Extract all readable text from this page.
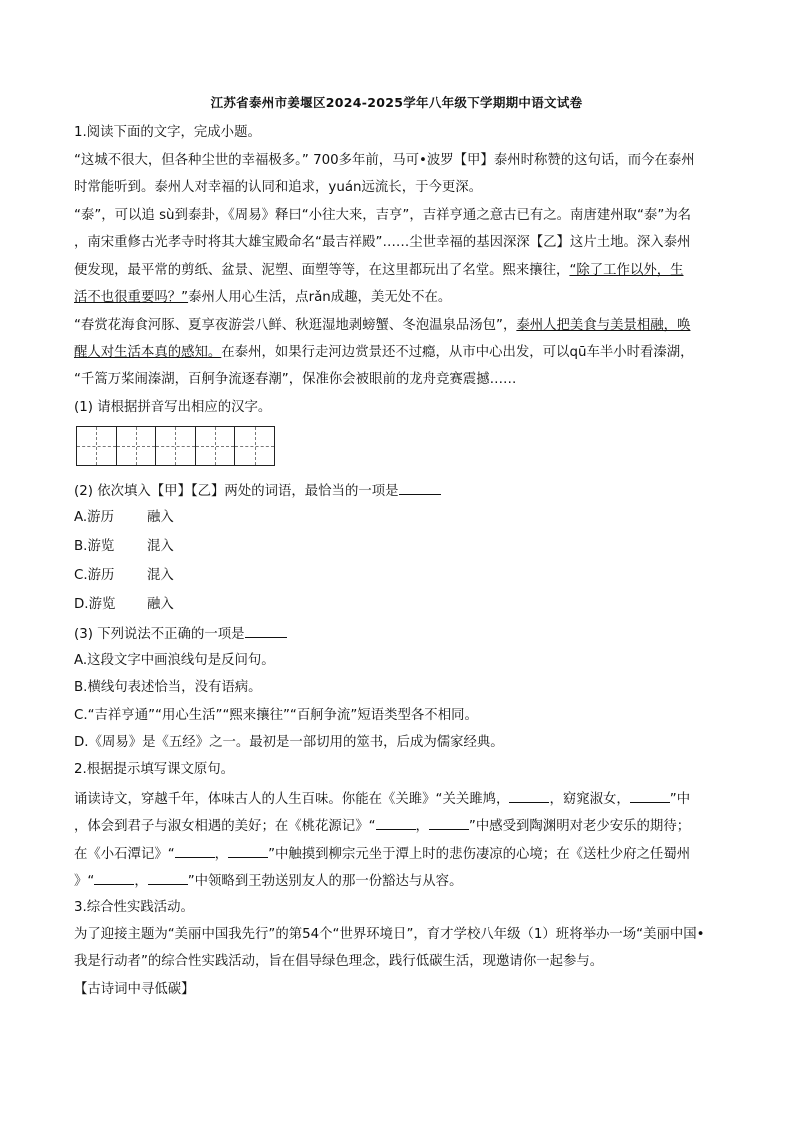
江苏省泰州市姜堰区2024-2025学年八年级下学期期中语文试卷
1.阅读下面的文字，完成小题。
“这城不很大，但各种尘世的幸福极多。” 700多年前，马可•波罗【甲】泰州时称赞的这句话，而今在泰州
时常能听到。泰州人对幸福的认同和追求，yuán远流长，于今更深。
“泰”，可以追 sù到泰卦，《周易》释曰“小往大来，吉亨”，吉祥亨通之意古已有之。南唐建州取“泰”为名
，南宋重修古光孝寺时将其大雄宝殿命名“最吉祥殿”……尘世幸福的基因深深【乙】这片土地。深入泰州
便发现，最平常的剪纸、盆景、泥塑、面塑等等，在这里都玩出了名堂。熙来攘往，“除了工作以外，生
活不也很重要吗？”泰州人用心生活，点rǎn成趣，美无处不在。
“春赏花海食河豚、夏享夜游尝八鲜、秋逛湿地剥螃蟹、冬泡温泉品汤包”，泰州人把美食与美景相融，唤
醒人对生活本真的感知。在泰州，如果行走河边赏景还不过瘾，从市中心出发，可以qū车半小时看溱湖，
“千篙万桨闹溱湖，百舸争流逐春潮”，保准你会被眼前的龙舟竞赛震撼……
(1) 请根据拼音写出相应的汉字。
(2) 依次填入【甲】【乙】两处的词语，最恰当的一项是
A.游历 融入
B.游览 混入
C.游历 混入
D.游览 融入
(3) 下列说法不正确的一项是
A.这段文字中画浪线句是反问句。
B.横线句表述恰当，没有语病。
C.“吉祥亨通”“用心生活”“熙来攘往”“百舸争流”短语类型各不相同。
D.《周易》是《五经》之一。最初是一部切用的筮书，后成为儒家经典。
2.根据提示填写课文原句。
诵读诗文，穿越千年，体味古人的人生百味。你能在《关雎》“关关雎鸠，	，窈窕淑女，	”中
，体会到君子与淑女相遇的美好；在《桃花源记》“	，	”中感受到陶渊明对老少安乐的期待；
在《小石潭记》“	，	”中触摸到柳宗元坐于潭上时的悲伤凄凉的心境；在《送杜少府之任蜀州
》“	，	”中领略到王勃送别友人的那一份豁达与从容。
3.综合性实践活动。
为了迎接主题为“美丽中国我先行”的第54个“世界环境日”，育才学校八年级（1）班将举办一场“美丽中国•
我是行动者”的综合性实践活动，旨在倡导绿色理念，践行低碳生活，现邀请你一起参与。
【古诗词中寻低碳】
